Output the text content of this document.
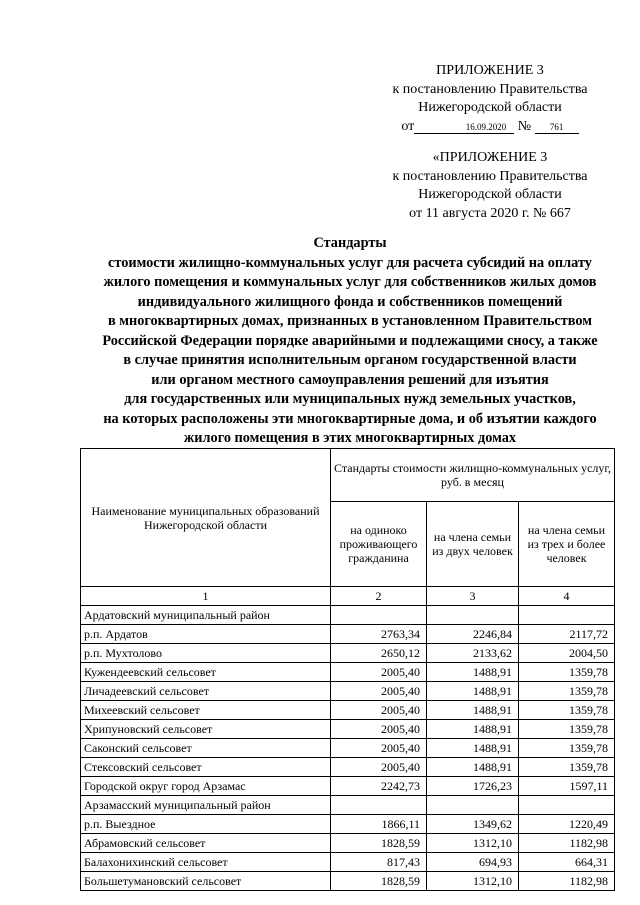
ПРИЛОЖЕНИЕ 3
к постановлению Правительства
Нижегородской области
от	16.09.2020 № 761
«ПРИЛОЖЕНИЕ 3
к постановлению Правительства
Нижегородской области
от 11 августа 2020 г. № 667
Стандарты
стоимости жилищно-коммунальных услуг для расчета субсидий на оплату
жилого помещения и коммунальных услуг для собственников жилых домов
индивидуального жилищного фонда и собственников помещений
в многоквартирных домах, признанных в установленном Правительством
Российской Федерации порядке аварийными и подлежащими сносу, а также
в случае принятия исполнительным органом государственной власти
или органом местного самоуправления решений для изъятия
для государственных или муниципальных нужд земельных участков,
на которых расположены эти многоквартирные дома, и об изъятии каждого
жилого помещения в этих многоквартирных домах
Наименование муниципальных образований Нижегородской области	Стандарты стоимости жилищно-коммунальных услуг, руб. в месяц		
	на одиноко проживающего гражданина	на члена семьи из двух человек	на члена семьи из трех и более человек
1	2	3	4
Ардатовский муниципальный район			
р.п. Ардатов	2763,34	2246,84	2117,72
р.п. Мухтолово	2650,12	2133,62	2004,50
Кужендеевский сельсовет	2005,40	1488,91	1359,78
Личадеевский сельсовет	2005,40	1488,91	1359,78
Михеевский сельсовет	2005,40	1488,91	1359,78
Хрипуновский сельсовет	2005,40	1488,91	1359,78
Саконский сельсовет	2005,40	1488,91	1359,78
Стексовский сельсовет	2005,40	1488,91	1359,78
Городской округ город Арзамас	2242,73	1726,23	1597,11
Арзамасский муниципальный район			
р.п. Выездное	1866,11	1349,62	1220,49
Абрамовский сельсовет	1828,59	1312,10	1182,98
Балахонихинский сельсовет	817,43	694,93	664,31
Большетумановский сельсовет	1828,59	1312,10	1182,98
